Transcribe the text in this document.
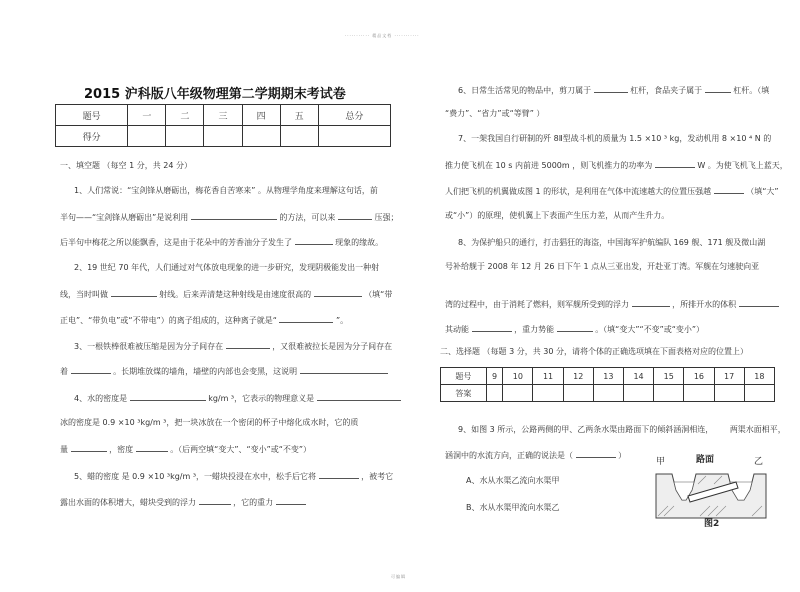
··········· 精品文档 ···········
可编辑
2015 沪科版八年级物理第二学期期末考试卷
题号	一	二	三	四	五	总分
得分						
一、填空题 （每空 1 分，共 24 分）
1、人们常说：“宝剑锋从磨砺出，梅花香自苦寒来” 。从物理学角度来理解这句话，前
半句——“宝剑锋从磨砺出”是说利用	的方法，可以来	压强；
后半句中梅花之所以能飘香，这是由于花朵中的芳香油分子发生了	现象的缘故。
2、19 世纪 70 年代，人们通过对气体放电现象的进一步研究，发现阴极能发出一种射
线，当时叫做	射线。后来弄清楚这种射线是由速度很高的	（填“带
正电”、“带负电”或“不带电”）的离子组成的，这种离子就是“	”。
3、一根铁棒很难被压缩是因为分子间存在	，又很难被拉长是因为分子间存在
着	。长期堆放煤的墙角，墙壁的内部也会变黑，这说明
4、水的密度是	kg/m ³，它表示的物理意义是
冰的密度是 0.9 ×10 ³kg/m ³，把一块冰放在一个密闭的杯子中熔化成水时，它的质
量	，密度	。（后两空填“变大”、“变小”或“不变”）
5、蜡的密度 是 0.9 ×10 ³kg/m ³，一蜡块投浸在水中，松手后它将	，被考它
露出水面的体积增大，蜡块受到的浮力	，它的重力
6、日常生活常见的物品中，剪刀属于	杠杆，食品夹子属于	杠杆。（填
“费力”、“省力”或“等臂” ）
7、一架我国自行研制的歼 8Ⅱ型战斗机的质量为 1.5 ×10 ³ kg，发动机用 8 ×10 ⁴ N 的
推力使飞机在 10 s 内前进 5000m ，则飞机推力的功率为	W 。为使飞机飞上蓝天，
人们把飞机的机翼做成图 1 的形状，是利用在气体中流速越大的位置压强越	（填“大”
或“小”）的原理，使机翼上下表面产生压力差，从而产生升力。
8、为保护船只的通行，打击猖狂的海盗，中国海军护航编队 169 舰、171 舰及微山湖
号补给舰于 2008 年 12 月 26 日下午 1 点从三亚出发，开赴亚丁湾。军舰在匀速驶向亚
湾的过程中，由于消耗了燃料，则军舰所受到的浮力	，所排开水的体积
其动能	，重力势能	。（填“变大”“不变”或“变小”）
二、选择题 （每题 3 分，共 30 分，请将个体的正确选项填在下面表格对应的位置上）
题号	9	10	11	12	13	14	15	16	17	18
答案										
9、如图 3 所示，公路两侧的甲、乙两条水渠由路面下的倾斜涵洞相连， 两渠水面相平，
涵洞中的水流方向，正确的说法是（	）
A、水从水渠乙流向水渠甲
B、水从水渠甲流向水渠乙
甲	路面	乙
图2
